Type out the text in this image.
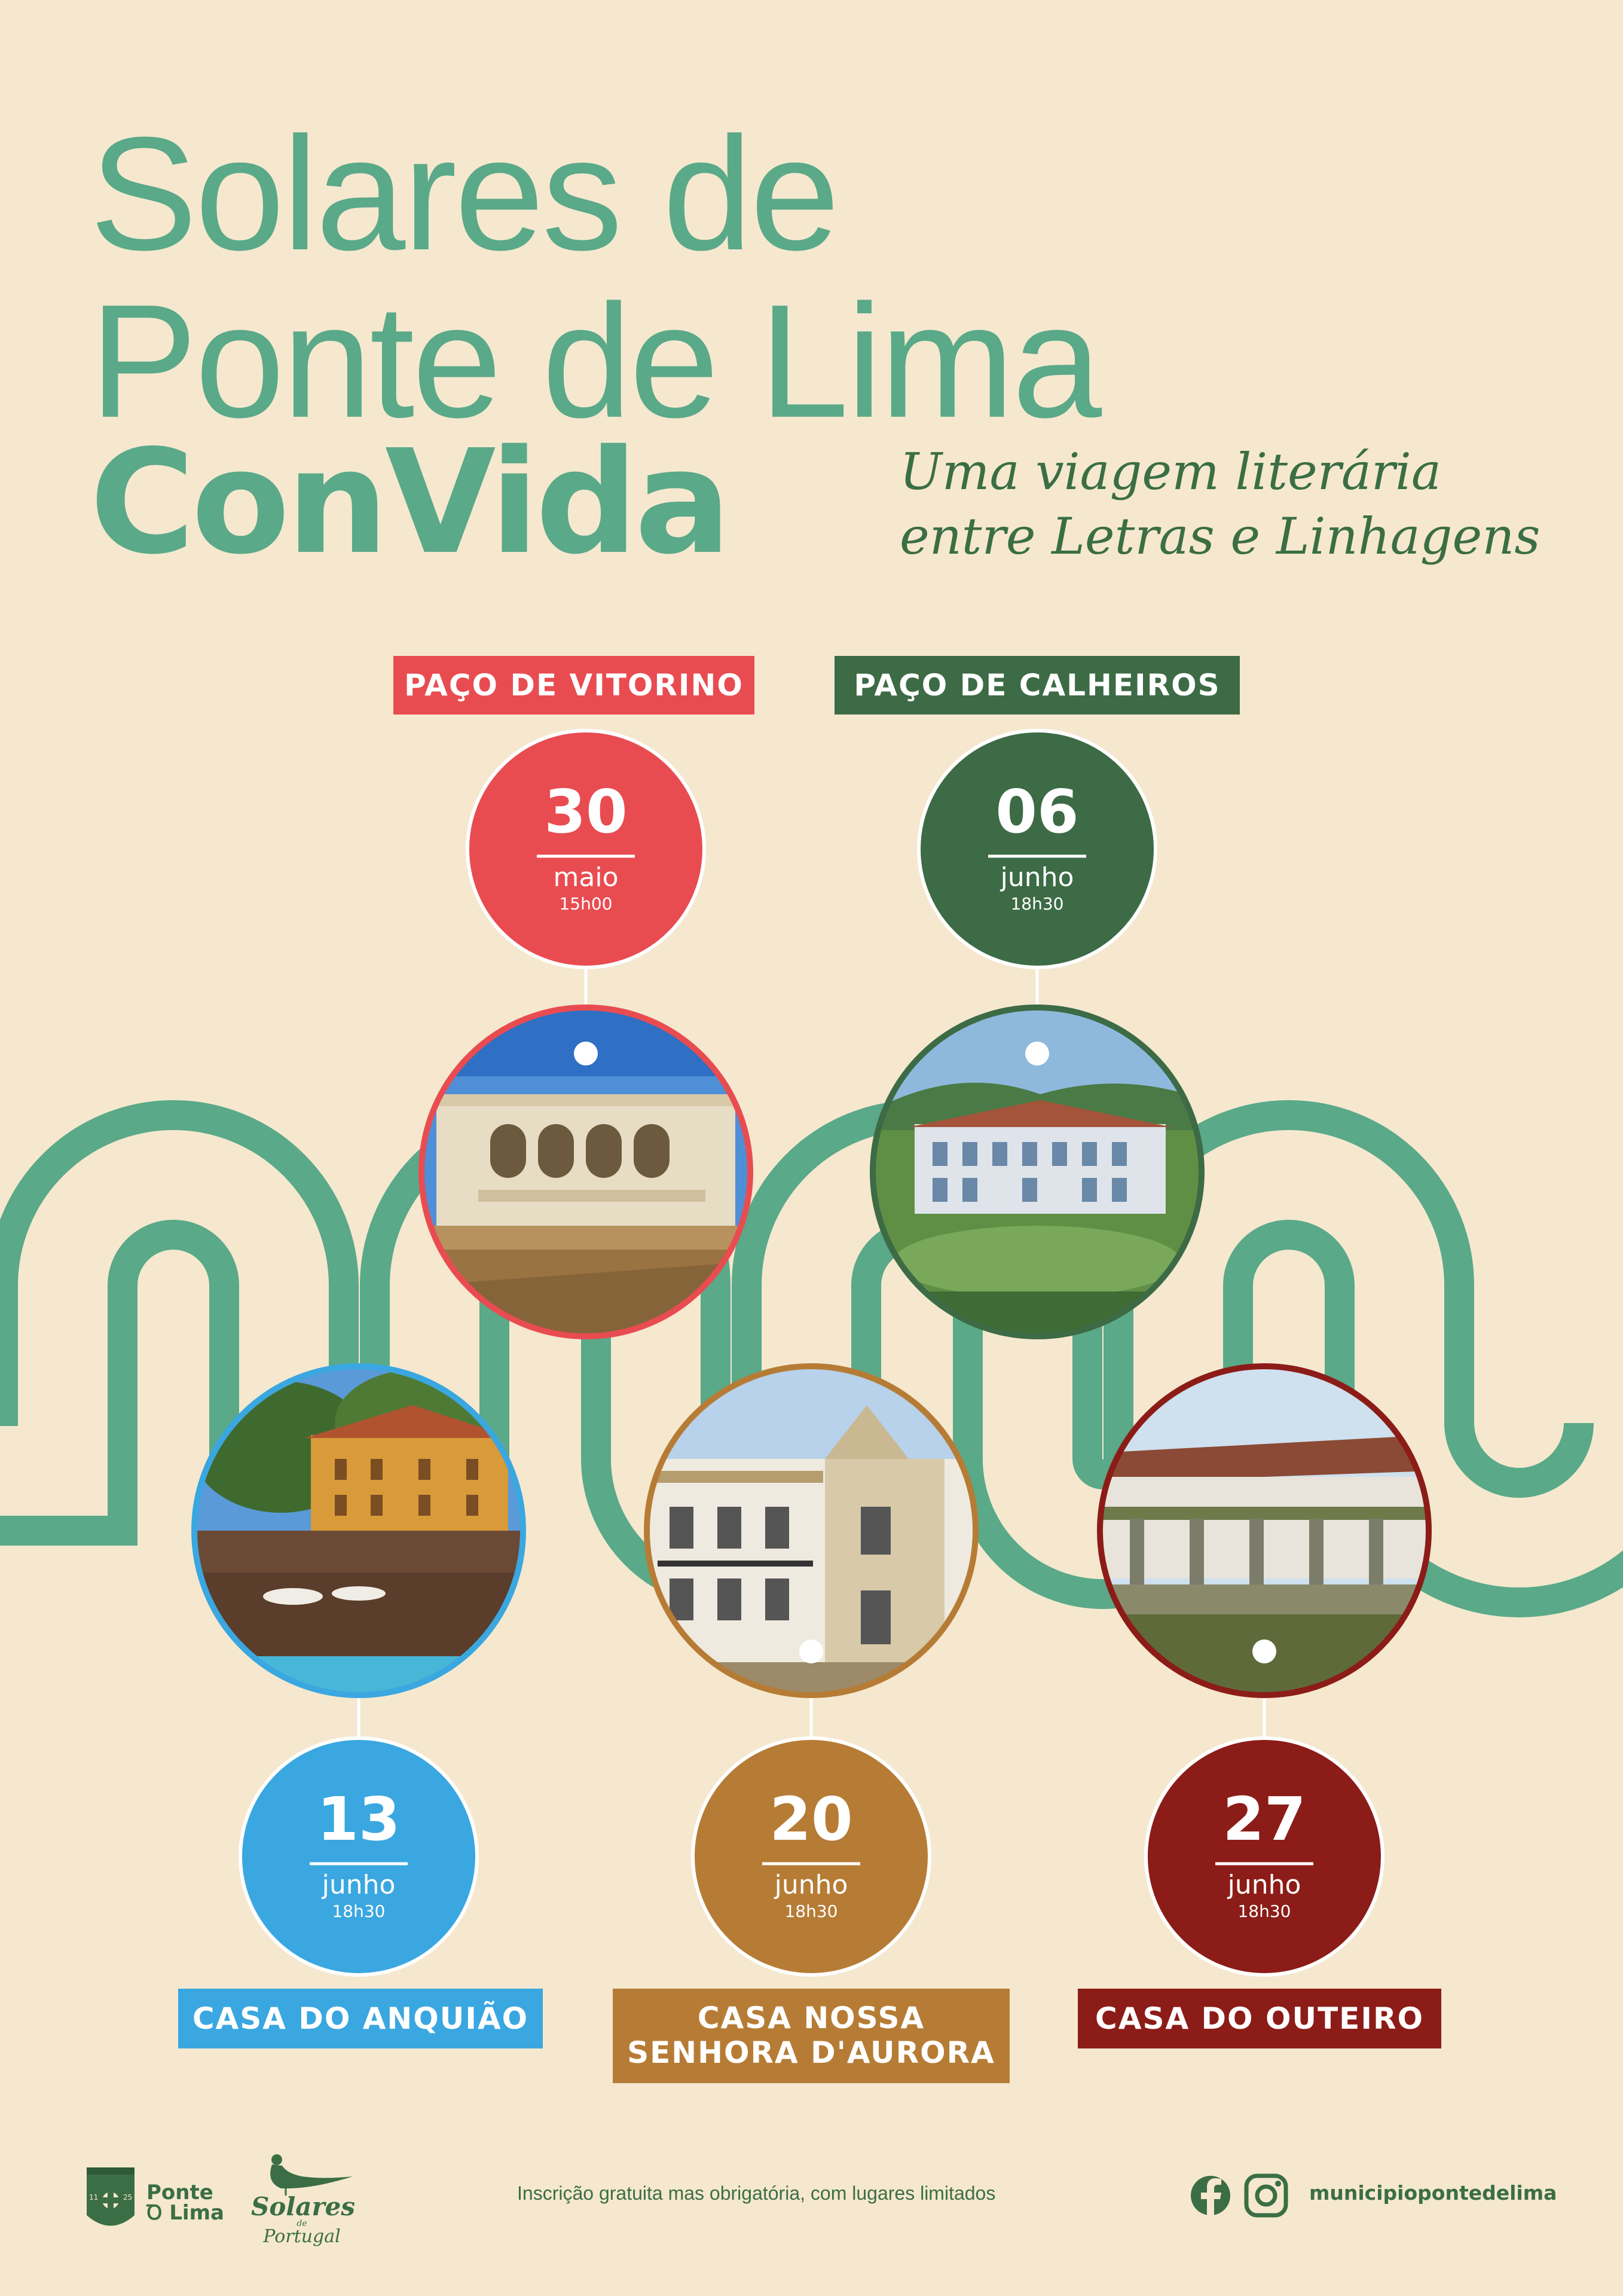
Solares de
Ponte de Lima
ConVida	Uma viagem literária
entre Letras e Linhagens
PAÇO DE VITORINO	PAÇO DE CALHEIROS
CASA DO ANQUIÃO	CASA NOSSA
SENHORA D'AURORA
CASA DO OUTEIRO
30
maio
15h00
06
junho
18h30
13
junho
18h30
20
junho
18h30
27
junho
18h30
Ponte
Ꝺ Lima
11	25	Solares
de
Portugal
Inscrição gratuita mas obrigatória, com lugares limitados	municipiopontedelima
